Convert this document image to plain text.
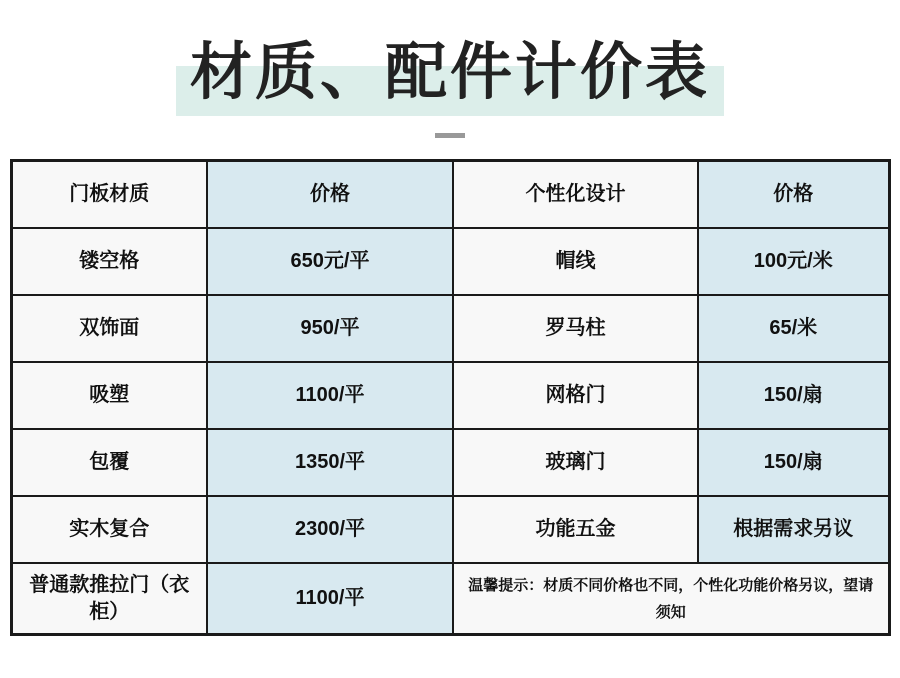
材质、配件计价表
门板材质	价格	个性化设计	价格
镂空格	650元/平	帽线	100元/米
双饰面	950/平	罗马柱	65/米
吸塑	1100/平	网格门	150/扇
包覆	1350/平	玻璃门	150/扇
实木复合	2300/平	功能五金	根据需求另议
普通款推拉门（衣柜）	1100/平	温馨提示：材质不同价格也不同，个性化功能价格另议，望请须知	
